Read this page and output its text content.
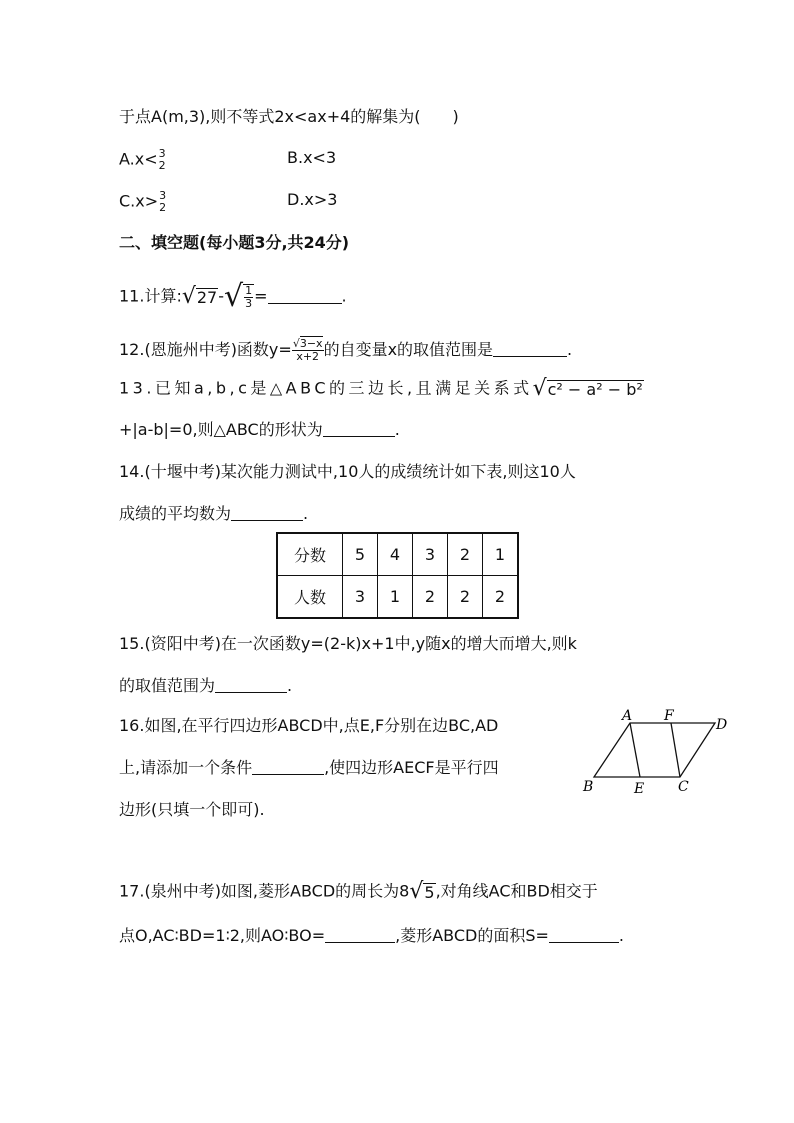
于点A(m,3),则不等式2x<ax+4的解集为(　　)
A.x< 3
2	B.x<3
C.x> 3
2	D.x>3
二、填空题(每小题3分,共24分)
11.计算:√27-√ $\frac{1}{3}$ =	.
12.(恩施州中考)函数$y= \frac{√3-x}{x+2}$ 的自变量x的取值范围是	.
13.已知a,b,c是△ABC的三边长,且满足关系式√c² − a² − b²
+|a-b|=0,则△ABC的形状为	.
14.(十堰中考)某次能力测试中,10人的成绩统计如下表,则这10人
成绩的平均数为	.
分数	5	4	3	2	1
人数	3	1	2	2	2
15.(资阳中考)在一次函数y=(2-k)x+1中,y随x的增大而增大,则k
的取值范围为	.
16.如图,在平行四边形ABCD中,点E,F分别在边BC,AD
上,请添加一个条件	,使四边形AECF是平行四
边形(只填一个即可).
A F
D
B	E C
17.(泉州中考)如图,菱形ABCD的周长为8√5,对角线AC和BD相交于
点O,AC∶BD=1∶2,则AO∶BO=	,菱形ABCD的面积S=	.
